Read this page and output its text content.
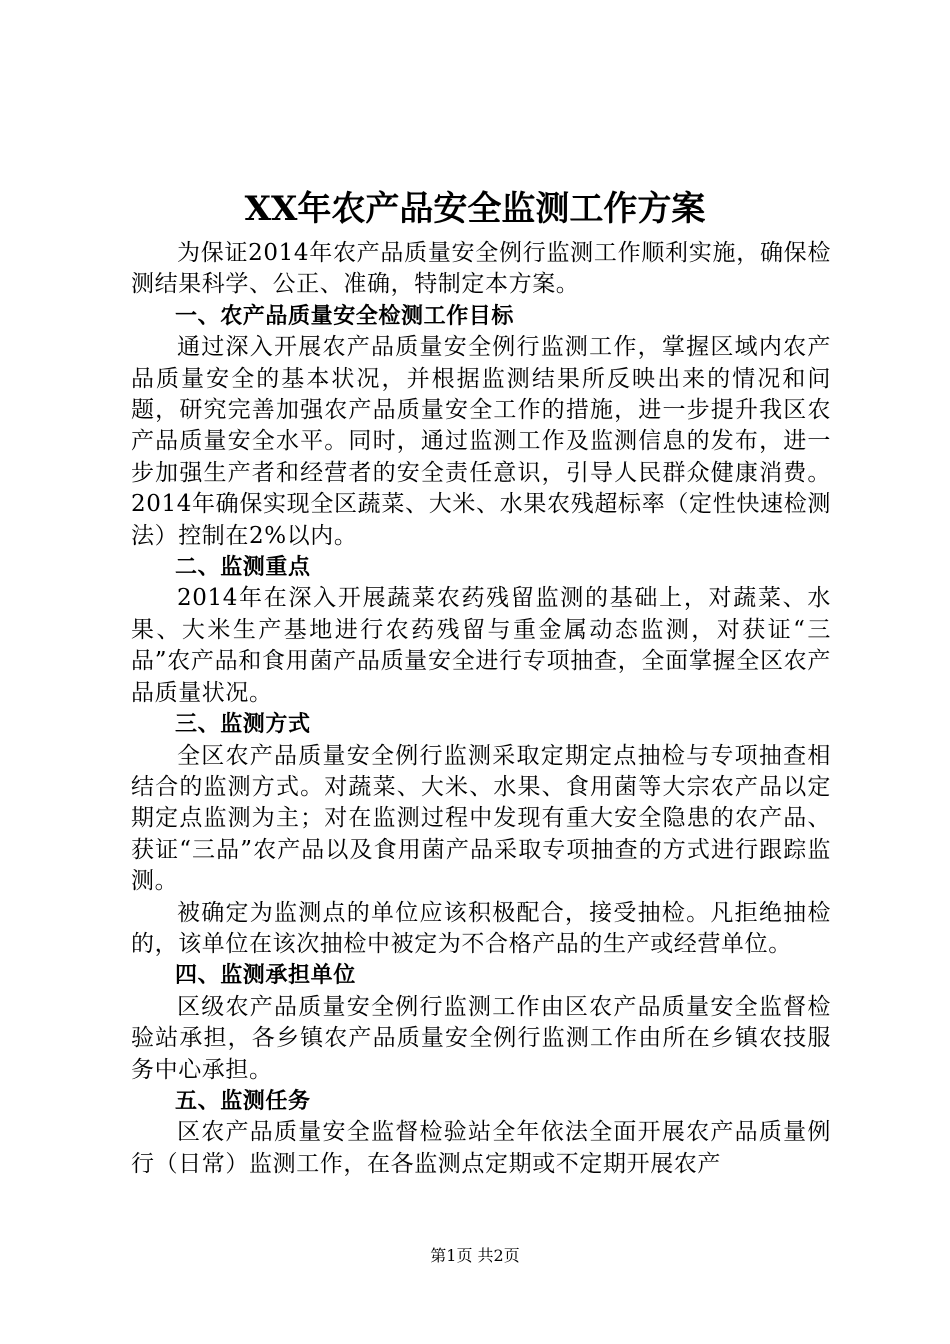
XX年农产品安全监测工作方案

为保证2014年农产品质量安全例行监测工作顺利实施，确保检测结果科学、公正、准确，特制定本方案。

一、农产品质量安全检测工作目标

通过深入开展农产品质量安全例行监测工作，掌握区域内农产品质量安全的基本状况，并根据监测结果所反映出来的情况和问题，研究完善加强农产品质量安全工作的措施，进一步提升我区农产品质量安全水平。同时，通过监测工作及监测信息的发布，进一步加强生产者和经营者的安全责任意识，引导人民群众健康消费。2014年确保实现全区蔬菜、大米、水果农残超标率（定性快速检测法）控制在2%以内。

二、监测重点

2014年在深入开展蔬菜农药残留监测的基础上，对蔬菜、水果、大米生产基地进行农药残留与重金属动态监测，对获证“三品”农产品和食用菌产品质量安全进行专项抽查，全面掌握全区农产品质量状况。

三、监测方式

全区农产品质量安全例行监测采取定期定点抽检与专项抽查相结合的监测方式。对蔬菜、大米、水果、食用菌等大宗农产品以定期定点监测为主；对在监测过程中发现有重大安全隐患的农产品、获证“三品”农产品以及食用菌产品采取专项抽查的方式进行跟踪监测。

被确定为监测点的单位应该积极配合，接受抽检。凡拒绝抽检的，该单位在该次抽检中被定为不合格产品的生产或经营单位。

四、监测承担单位

区级农产品质量安全例行监测工作由区农产品质量安全监督检验站承担，各乡镇农产品质量安全例行监测工作由所在乡镇农技服务中心承担。

五、监测任务

区农产品质量安全监督检验站全年依法全面开展农产品质量例行（日常）监测工作，在各监测点定期或不定期开展农产

第1页 共2页
